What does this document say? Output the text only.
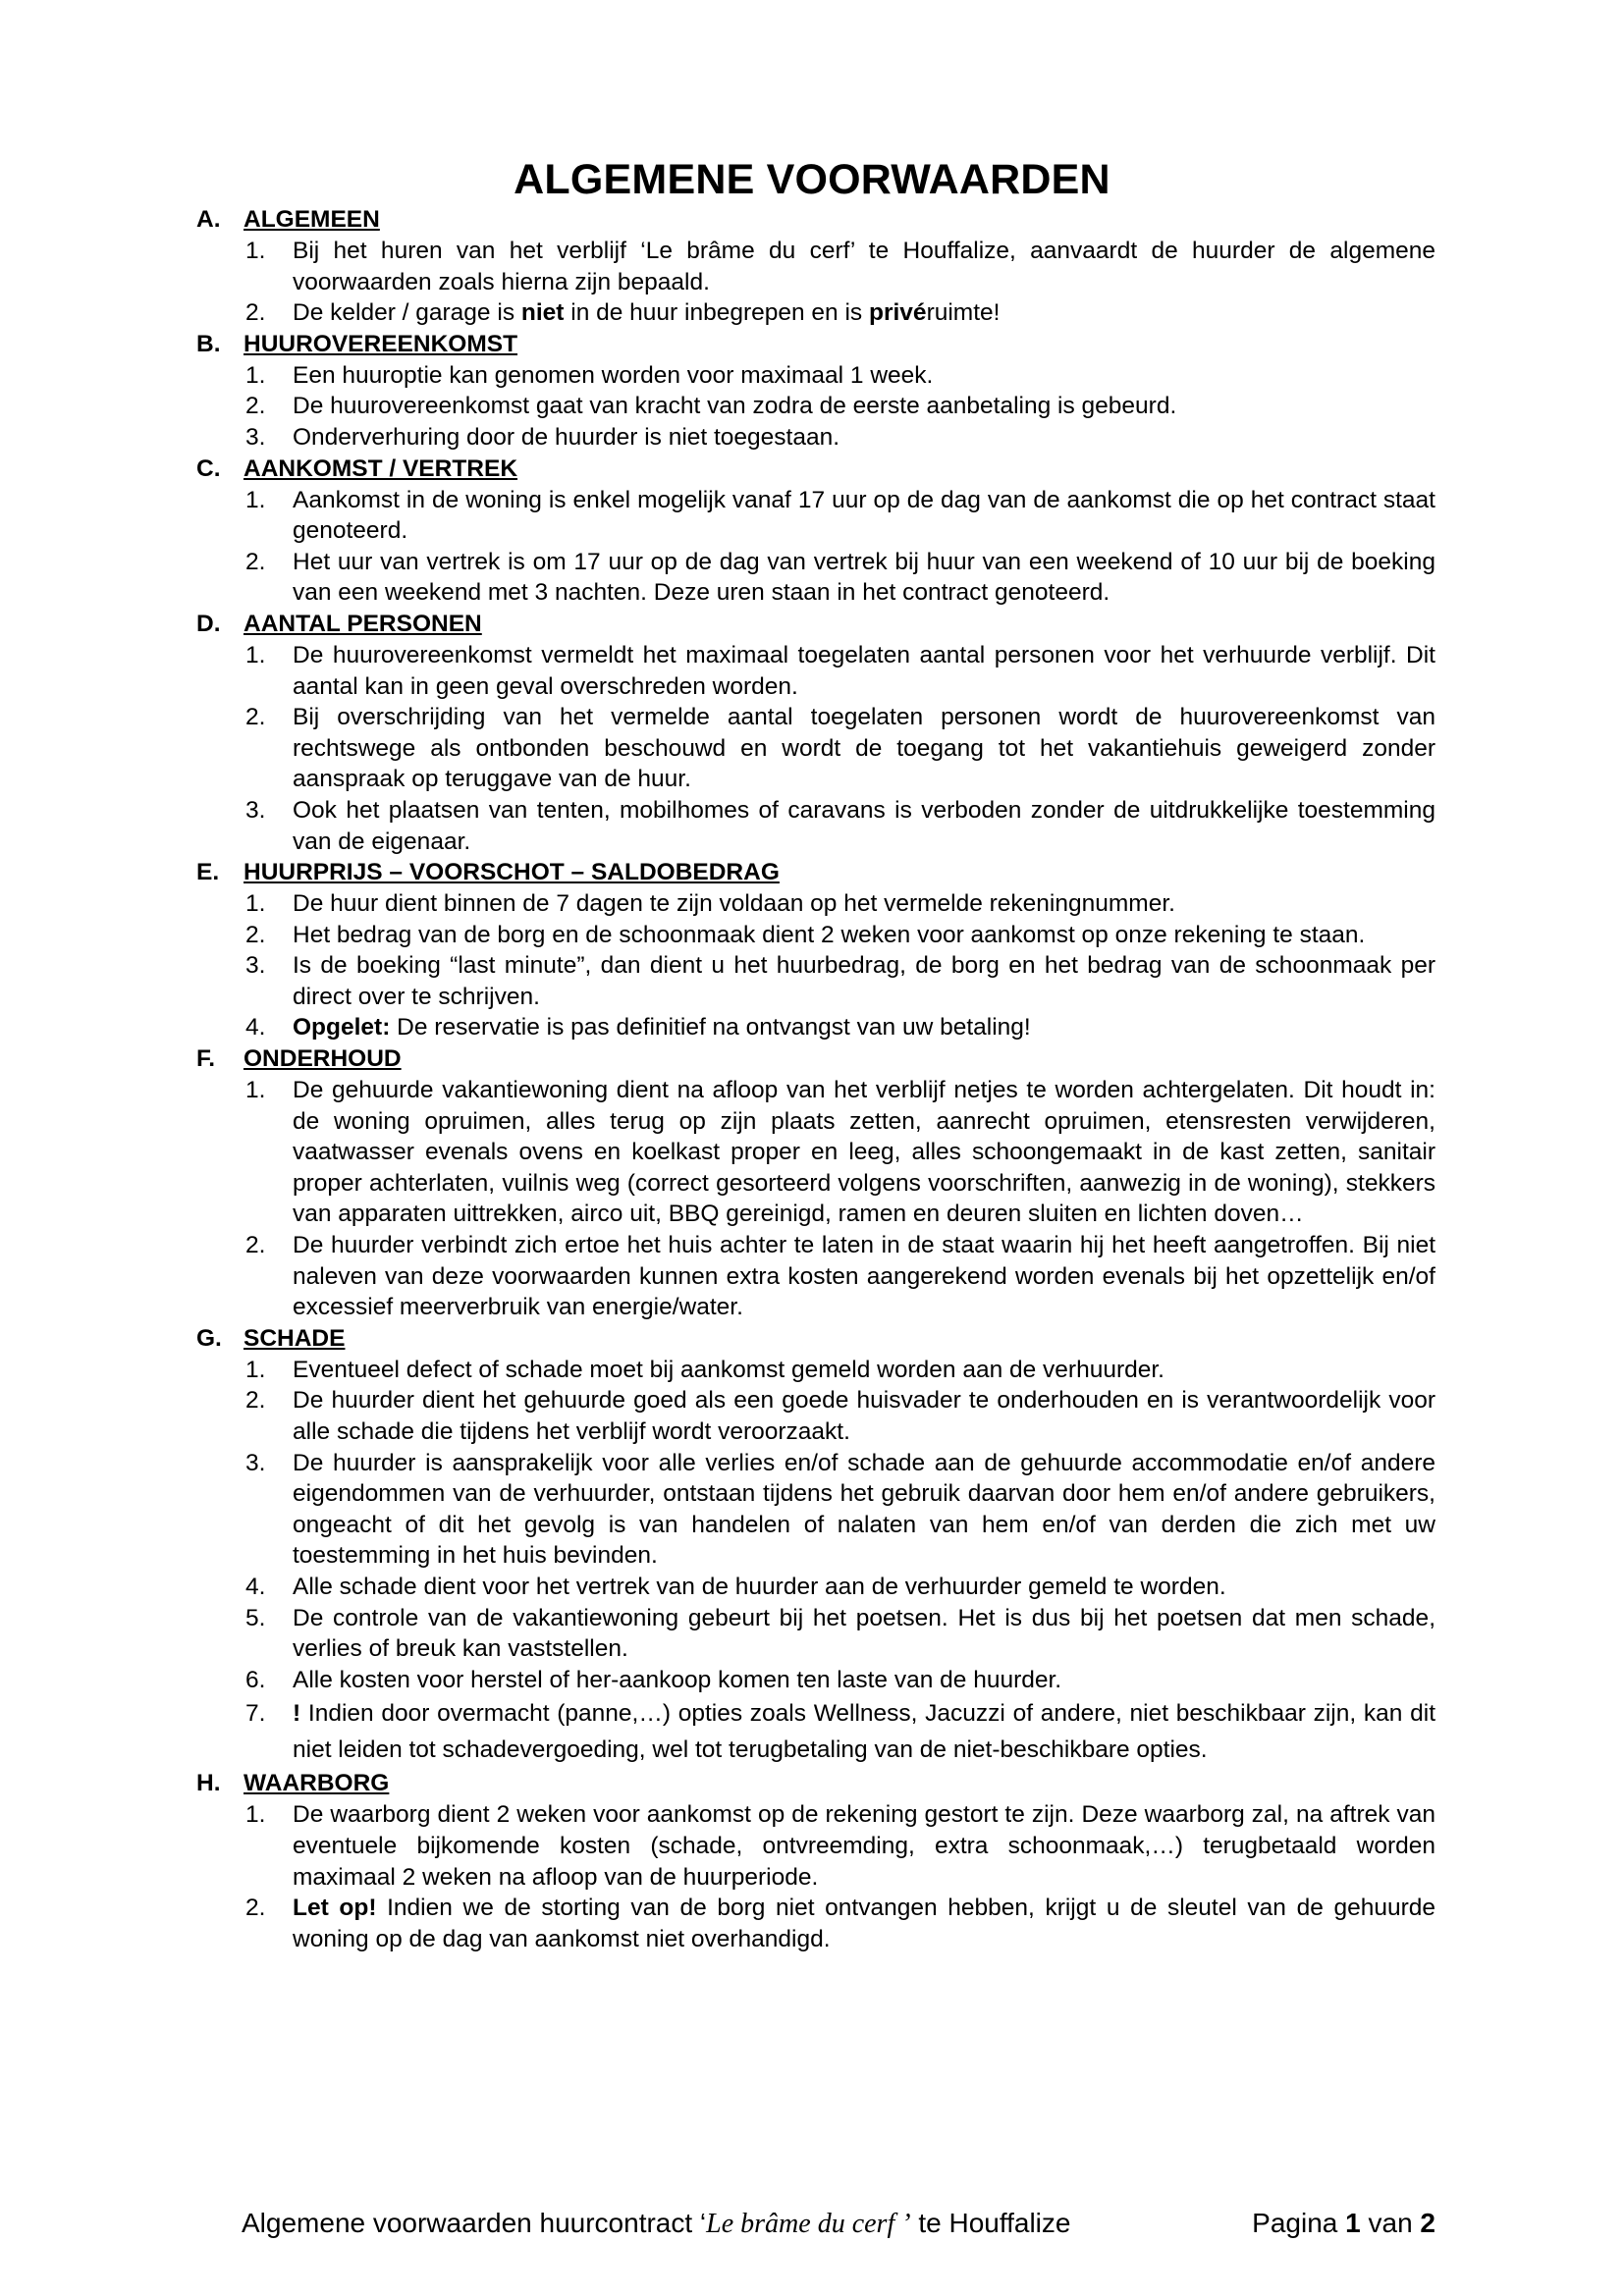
ALGEMENE VOORWAARDEN
A. ALGEMEEN
1.	Bij het huren van het verblijf ‘Le brâme du cerf’ te Houffalize, aanvaardt de huurder de algemene voorwaarden zoals hierna zijn bepaald.
2.	De kelder / garage is niet in de huur inbegrepen en is privéruimte!
B. HUUROVEREENKOMST
1.	Een huuroptie kan genomen worden voor maximaal 1 week.
2.	De huurovereenkomst gaat van kracht van zodra de eerste aanbetaling is gebeurd.
3.	Onderverhuring door de huurder is niet toegestaan.
C. AANKOMST / VERTREK
1.	Aankomst in de woning is enkel mogelijk vanaf 17 uur op de dag van de aankomst die op het contract staat genoteerd.
2.	Het uur van vertrek is om 17 uur op de dag van vertrek bij huur van een weekend of 10 uur bij de boeking van een weekend met 3 nachten. Deze uren staan in het contract genoteerd.
D. AANTAL PERSONEN
1.	De huurovereenkomst vermeldt het maximaal toegelaten aantal personen voor het verhuurde verblijf. Dit aantal kan in geen geval overschreden worden.
2.	Bij overschrijding van het vermelde aantal toegelaten personen wordt de huurovereenkomst van rechtswege als ontbonden beschouwd en wordt de toegang tot het vakantiehuis geweigerd zonder aanspraak op teruggave van de huur.
3.	Ook het plaatsen van tenten, mobilhomes of caravans is verboden zonder de uitdrukkelijke toestemming van de eigenaar.
E.	HUURPRIJS – VOORSCHOT – SALDOBEDRAG
1.	De huur dient binnen de 7 dagen te zijn voldaan op het vermelde rekeningnummer.
2.	Het bedrag van de borg en de schoonmaak dient 2 weken voor aankomst op onze rekening te staan.
3.	Is de boeking “last minute”, dan dient u het huurbedrag, de borg en het bedrag van de schoonmaak per direct over te schrijven.
4.	Opgelet: De reservatie is pas definitief na ontvangst van uw betaling!
F.	ONDERHOUD
1.	De gehuurde vakantiewoning dient na afloop van het verblijf netjes te worden achtergelaten. Dit houdt in: de woning opruimen, alles terug op zijn plaats zetten, aanrecht opruimen, etensresten verwijderen, vaatwasser evenals ovens en koelkast proper en leeg, alles schoongemaakt in de kast zetten, sanitair proper achterlaten, vuilnis weg (correct gesorteerd volgens voorschriften, aanwezig in de woning), stekkers van apparaten uittrekken, airco uit, BBQ gereinigd, ramen en deuren sluiten en lichten doven…
2.	De huurder verbindt zich ertoe het huis achter te laten in de staat waarin hij het heeft aangetroffen. Bij niet naleven van deze voorwaarden kunnen extra kosten aangerekend worden evenals bij het opzettelijk en/of excessief meerverbruik van energie/water.
G. SCHADE
1.	Eventueel defect of schade moet bij aankomst gemeld worden aan de verhuurder.
2.	De huurder dient het gehuurde goed als een goede huisvader te onderhouden en is verantwoordelijk voor alle schade die tijdens het verblijf wordt veroorzaakt.
3.	De huurder is aansprakelijk voor alle verlies en/of schade aan de gehuurde accommodatie en/of andere eigendommen van de verhuurder, ontstaan tijdens het gebruik daarvan door hem en/of andere gebruikers, ongeacht of dit het gevolg is van handelen of nalaten van hem en/of van derden die zich met uw toestemming in het huis bevinden.
4.	Alle schade dient voor het vertrek van de huurder aan de verhuurder gemeld te worden.
5.	De controle van de vakantiewoning gebeurt bij het poetsen. Het is dus bij het poetsen dat men schade, verlies of breuk kan vaststellen.
6.	Alle kosten voor herstel of her-aankoop komen ten laste van de huurder.
7.	! Indien door overmacht (panne,…) opties zoals Wellness, Jacuzzi of andere, niet beschikbaar zijn, kan dit niet leiden tot schadevergoeding, wel tot terugbetaling van de niet-beschikbare opties.
H. WAARBORG
1.	De waarborg dient 2 weken voor aankomst op de rekening gestort te zijn. Deze waarborg zal, na aftrek van eventuele bijkomende kosten (schade, ontvreemding, extra schoonmaak,…) terugbetaald worden maximaal 2 weken na afloop van de huurperiode.
2.	Let op! Indien we de storting van de borg niet ontvangen hebben, krijgt u de sleutel van de gehuurde woning op de dag van aankomst niet overhandigd.
Algemene voorwaarden huurcontract ‘Le brâme du cerf ’ te Houffalize	Pagina 1 van 2
